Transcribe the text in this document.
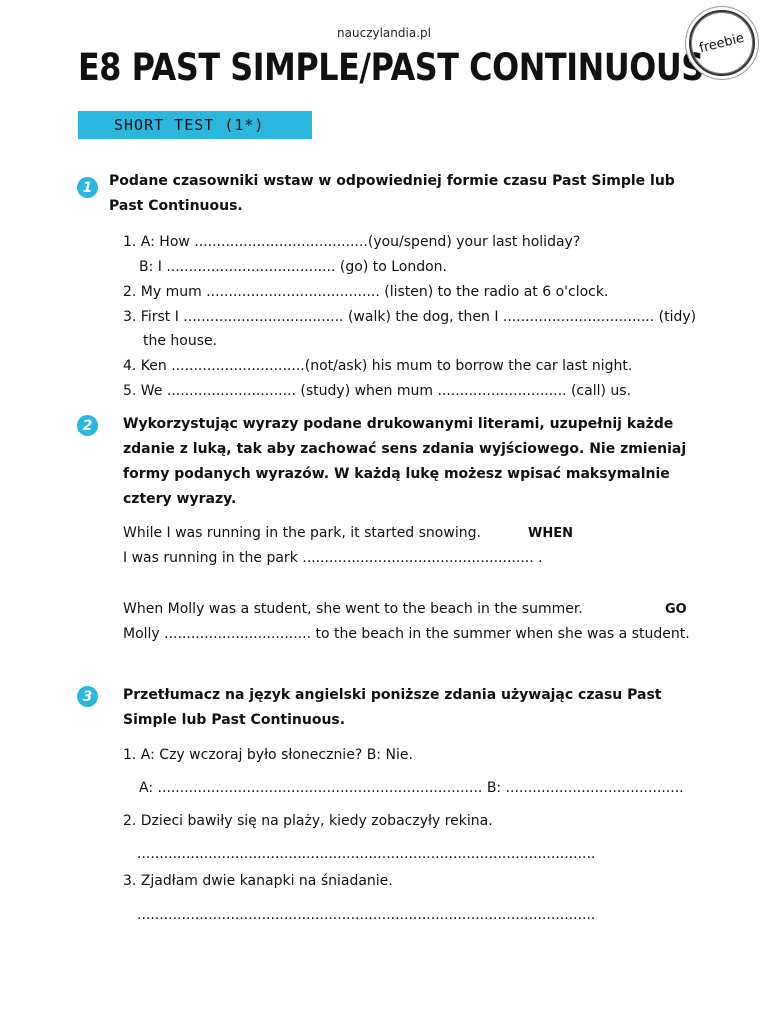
nauczylandia.pl
E8 PAST SIMPLE/PAST CONTINUOUS
freebie
SHORT TEST (1*)
1	Podane czasowniki wstaw w odpowiedniej formie czasu Past Simple lub
Past Continuous.
1. A: How .......................................(you/spend) your last holiday?
B: I ...................................... (go) to London.
2. My mum ....................................... (listen) to the radio at 6 o'clock.
3. First I .................................... (walk) the dog, then I .................................. (tidy)
the house.
4. Ken ..............................(not/ask) his mum to borrow the car last night.
5. We ............................. (study) when mum ............................. (call) us.
2	Wykorzystując wyrazy podane drukowanymi literami, uzupełnij każde
zdanie z luką, tak aby zachować sens zdania wyjściowego. Nie zmieniaj
formy podanych wyrazów. W każdą lukę możesz wpisać maksymalnie
cztery wyrazy.
While I was running in the park, it started snowing.	WHEN
I was running in the park .................................................... .
When Molly was a student, she went to the beach in the summer.	GO
Molly ................................. to the beach in the summer when she was a student.
3	Przetłumacz na język angielski poniższe zdania używając czasu Past
Simple lub Past Continuous.
1. A: Czy wczoraj było słonecznie? B: Nie.
A: ......................................................................... B: ........................................
2. Dzieci bawiły się na plaży, kiedy zobaczyły rekina.
.......................................................................................................
3. Zjadłam dwie kanapki na śniadanie.
.......................................................................................................
